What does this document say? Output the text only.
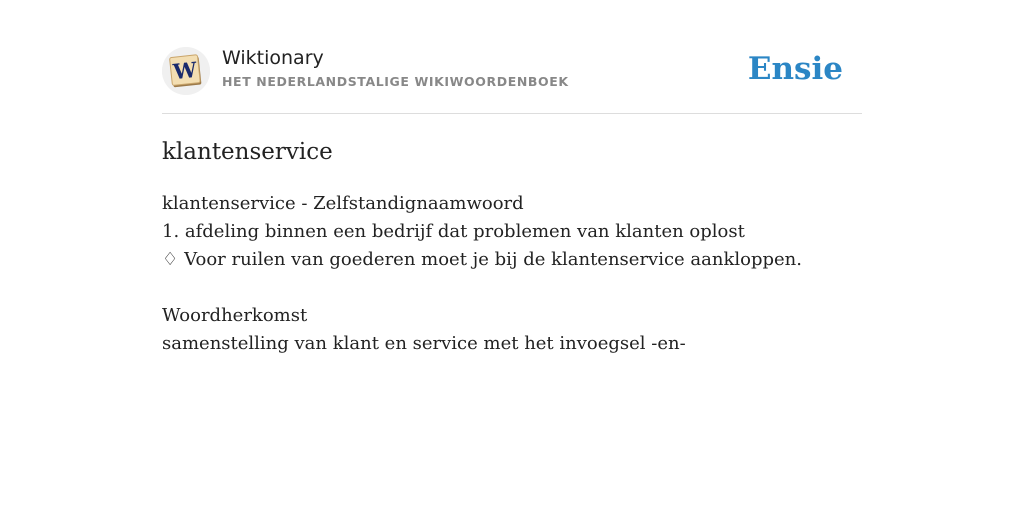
W Wiktionary
HET NEDERLANDSTALIGE WIKIWOORDENBOEK	Ensie
klantenservice
klantenservice - Zelfstandignaamwoord
1. afdeling binnen een bedrijf dat problemen van klanten oplost
♢ Voor ruilen van goederen moet je bij de klantenservice aankloppen.
Woordherkomst
samenstelling van klant en service met het invoegsel -en-
